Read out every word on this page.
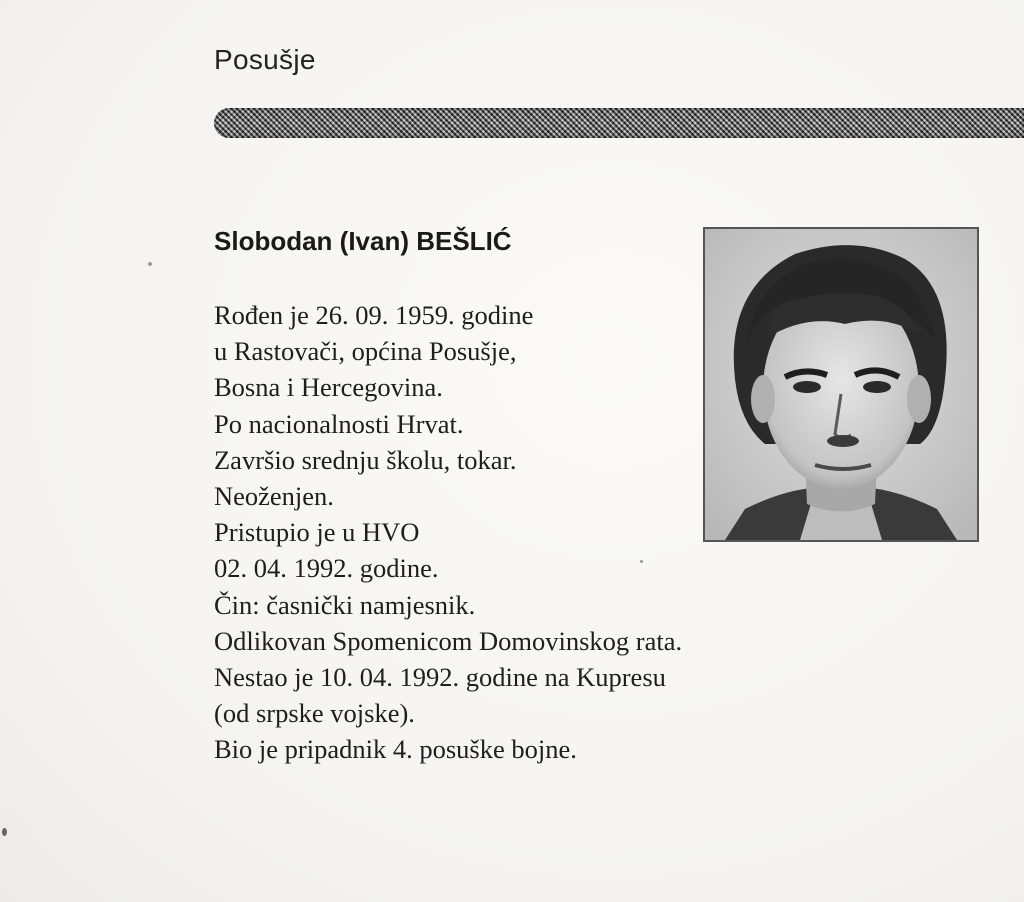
Posušje
Slobodan (Ivan) BEŠLIĆ
Rođen je 26. 09. 1959. godine
u Rastovači, općina Posušje,
Bosna i Hercegovina.
Po nacionalnosti Hrvat.
Završio srednju školu, tokar.
Neoženjen.
Pristupio je u HVO
02. 04. 1992. godine.
Čin: časnički namjesnik.
Odlikovan Spomenicom Domovinskog rata.
Nestao je 10. 04. 1992. godine na Kupresu
(od srpske vojske).
Bio je pripadnik 4. posuške bojne.
